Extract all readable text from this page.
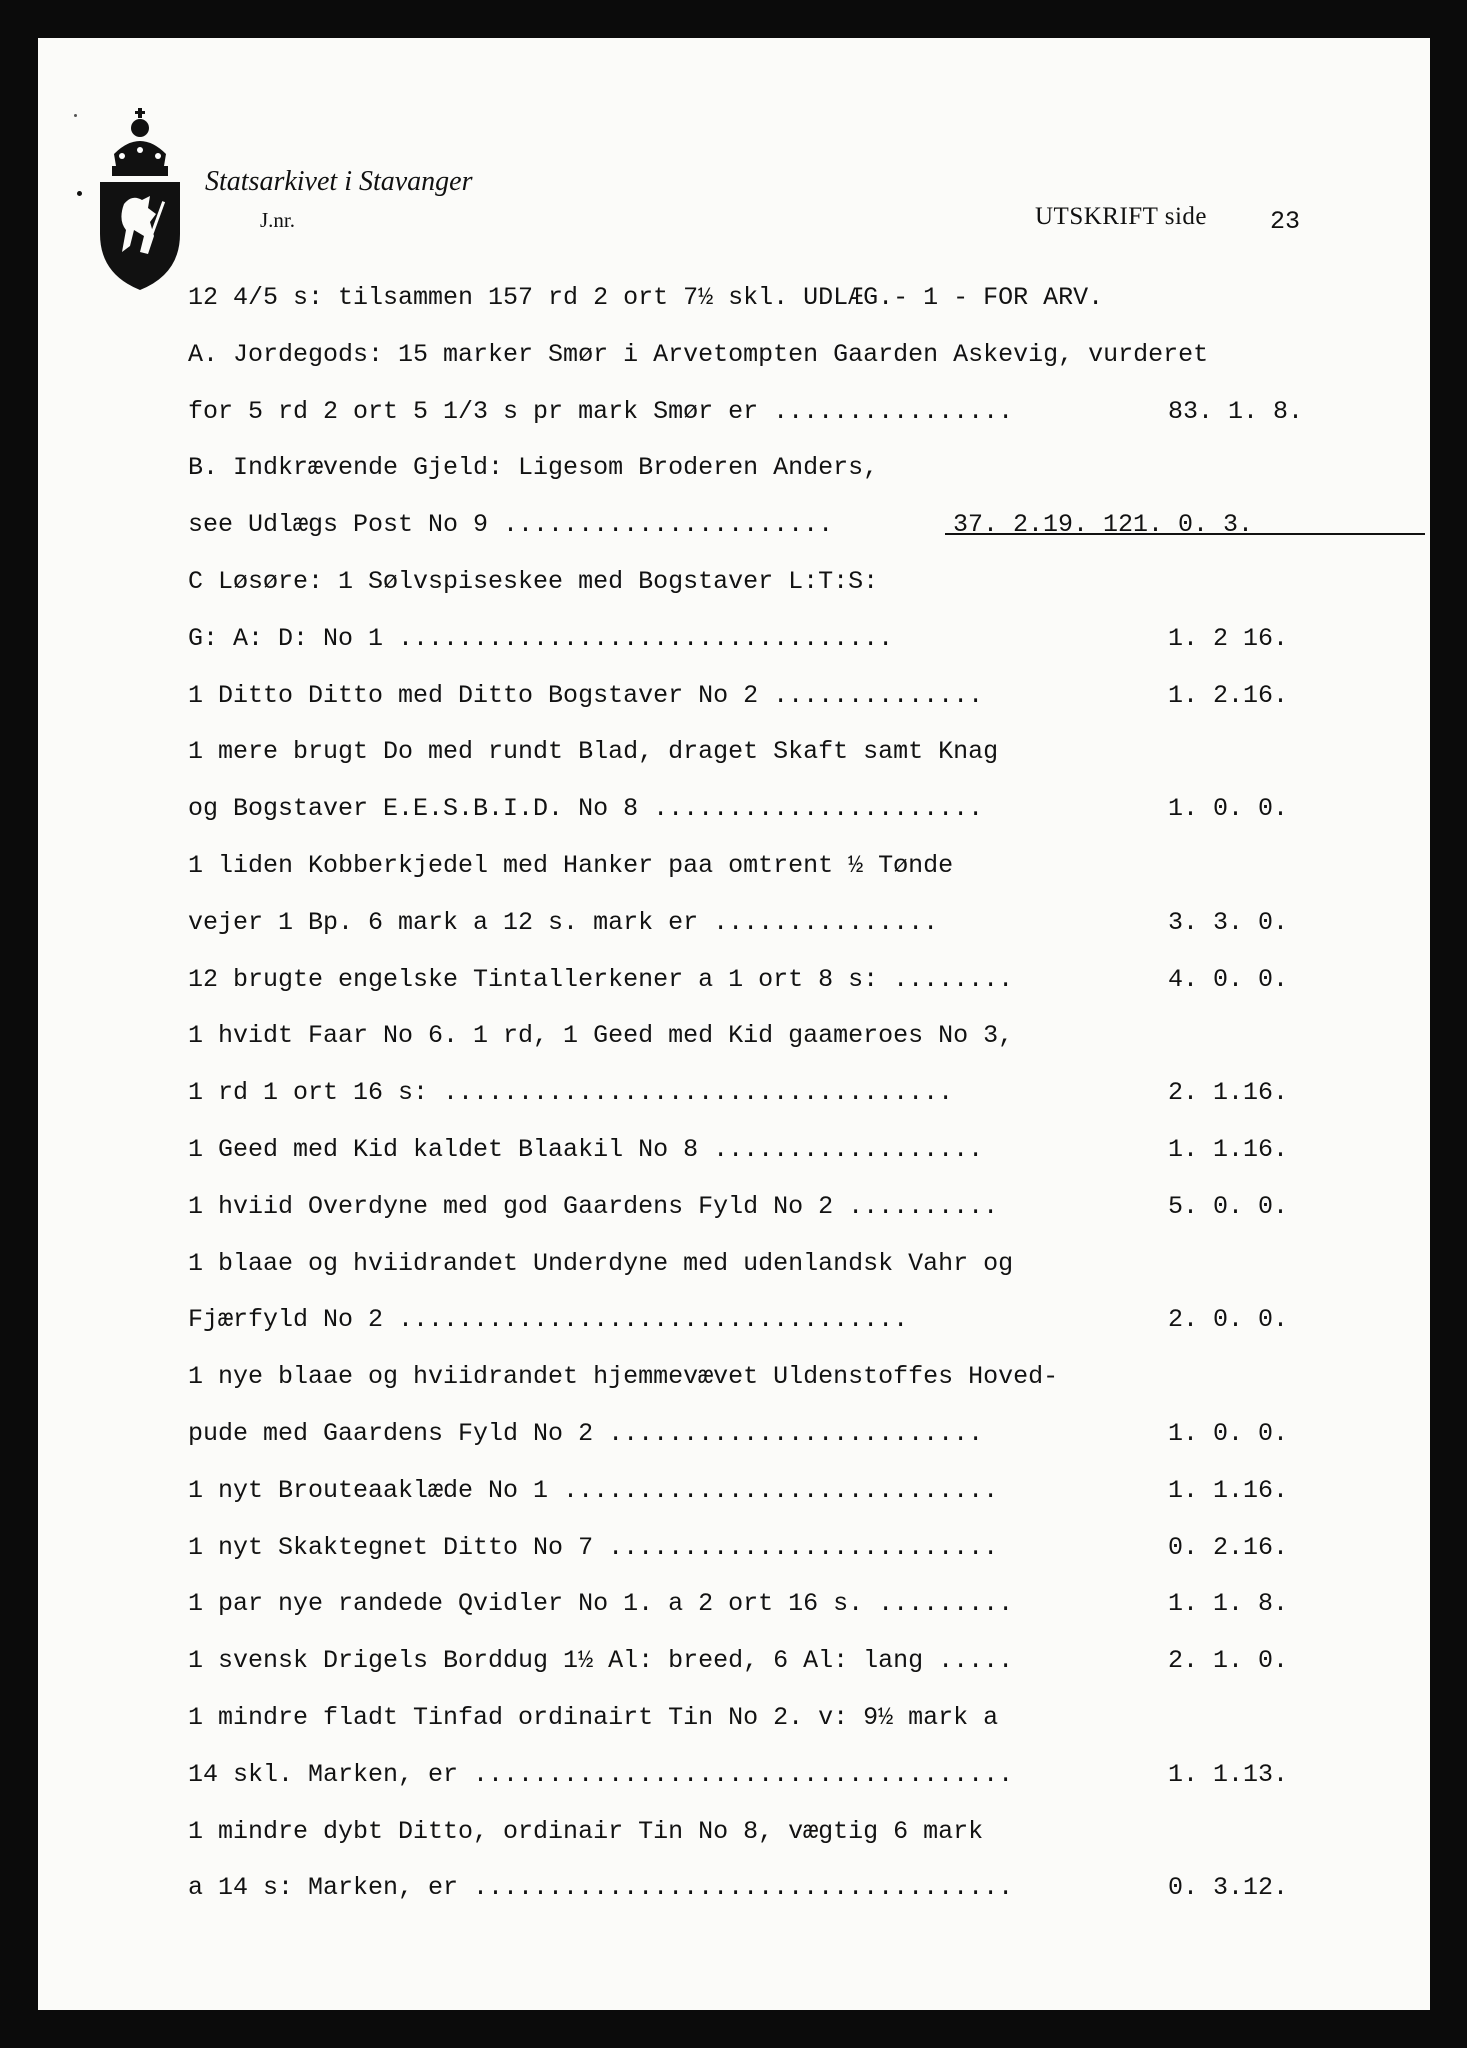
Statsarkivet i Stavanger
J.nr.	UTSKRIFT side	23
12 4/5 s: tilsammen 157 rd 2 ort 7½ skl. UDLÆG.- 1 - FOR ARV.
A. Jordegods: 15 marker Smør i Arvetompten Gaarden Askevig, vurderet
for 5 rd 2 ort 5 1/3 s pr mark Smør er ................	83. 1. 8.
B. Indkrævende Gjeld: Ligesom Broderen Anders,
see Udlægs Post No 9 ......................	37. 2.19. 121. 0. 3.
C Løsøre: 1 Sølvspiseskee med Bogstaver L:T:S:
G: A: D: No 1 .................................	1. 2 16.
1 Ditto Ditto med Ditto Bogstaver No 2 ..............	1. 2.16.
1 mere brugt Do med rundt Blad, draget Skaft samt Knag
og Bogstaver E.E.S.B.I.D. No 8 ......................	1. 0. 0.
1 liden Kobberkjedel med Hanker paa omtrent ½ Tønde
vejer 1 Bp. 6 mark a 12 s. mark er ...............	3. 3. 0.
12 brugte engelske Tintallerkener a 1 ort 8 s: ........	4. 0. 0.
1 hvidt Faar No 6. 1 rd, 1 Geed med Kid gaameroes No 3,
1 rd 1 ort 16 s: ..................................	2. 1.16.
1 Geed med Kid kaldet Blaakil No 8 ..................	1. 1.16.
1 hviid Overdyne med god Gaardens Fyld No 2 ..........	5. 0. 0.
1 blaae og hviidrandet Underdyne med udenlandsk Vahr og
Fjærfyld No 2 ..................................	2. 0. 0.
1 nye blaae og hviidrandet hjemmevævet Uldenstoffes Hoved-
pude med Gaardens Fyld No 2 .........................	1. 0. 0.
1 nyt Brouteaaklæde No 1 .............................	1. 1.16.
1 nyt Skaktegnet Ditto No 7 ..........................	0. 2.16.
1 par nye randede Qvidler No 1. a 2 ort 16 s. .........	1. 1. 8.
1 svensk Drigels Borddug 1½ Al: breed, 6 Al: lang .....	2. 1. 0.
1 mindre fladt Tinfad ordinairt Tin No 2. v: 9½ mark a
14 skl. Marken, er ....................................	1. 1.13.
1 mindre dybt Ditto, ordinair Tin No 8, vægtig 6 mark
a 14 s: Marken, er ....................................	0. 3.12.
